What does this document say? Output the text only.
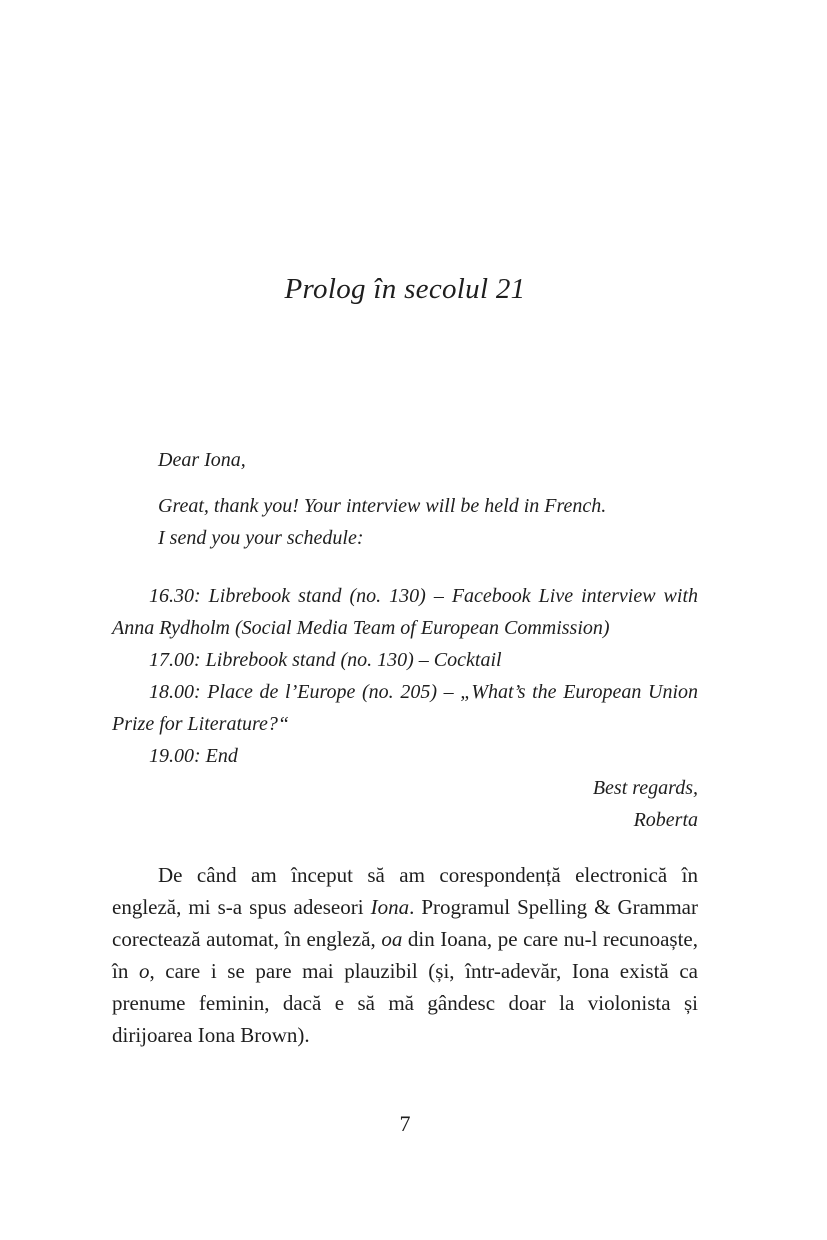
Prolog în secolul 21

Dear Iona,

Great, thank you! Your interview will be held in French.

I send you your schedule:

16.30: Librebook stand (no. 130) – Facebook Live interview with Anna Rydholm (Social Media Team of European Commission)

17.00: Librebook stand (no. 130) – Cocktail

18.00: Place de l’Europe (no. 205) – „What’s the European Union Prize for Literature?“

19.00: End

Best regards,

Roberta

De când am început să am corespondență electronică în engleză, mi s-a spus adeseori Iona. Programul Spelling & Grammar corectează automat, în engleză, oa din Ioana, pe care nu-l recunoaște, în o, care i se pare mai plauzibil (și, într-adevăr, Iona există ca prenume feminin, dacă e să mă gândesc doar la violonista și dirijoarea Iona Brown).

7
